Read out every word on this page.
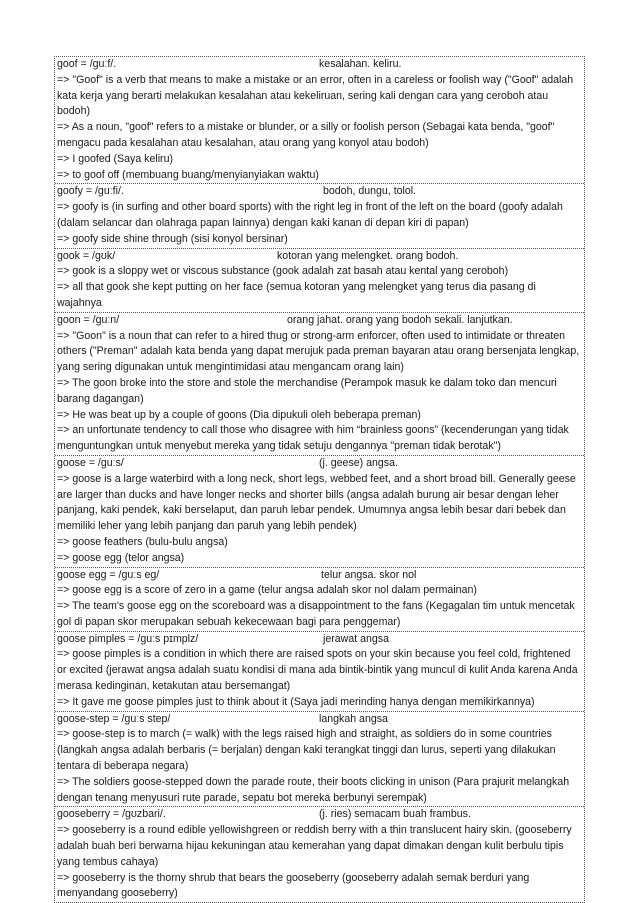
goof = /ɡuːf/.	kesalahan. keliru.
=> "Goof" is a verb that means to make a mistake or an error, often in a careless or foolish way ("Goof" adalah kata kerja yang berarti melakukan kesalahan atau kekeliruan, sering kali dengan cara yang ceroboh atau bodoh)
=> As a noun, "goof" refers to a mistake or blunder, or a silly or foolish person (Sebagai kata benda, "goof" mengacu pada kesalahan atau kesalahan, atau orang yang konyol atau bodoh)
=> I goofed (Saya keliru)
=> to goof off (membuang buang/menyianyiakan waktu)
goofy = /ɡuːfi/.	bodoh, dungu, tolol.
=> goofy is (in surfing and other board sports) with the right leg in front of the left on the board (goofy adalah (dalam selancar dan olahraga papan lainnya) dengan kaki kanan di depan kiri di papan)
=> goofy side shine through (sisi konyol bersinar)
gook = /ɡʊk/	kotoran yang melengket. orang bodoh.
=> gook is a sloppy wet or viscous substance (gook adalah zat basah atau kental yang ceroboh)
=> all that gook she kept putting on her face (semua kotoran yang melengket yang terus dia pasang di wajahnya
goon = /ɡuːn/	orang jahat. orang yang bodoh sekali. lanjutkan.
=> "Goon" is a noun that can refer to a hired thug or strong-arm enforcer, often used to intimidate or threaten others ("Preman" adalah kata benda yang dapat merujuk pada preman bayaran atau orang bersenjata lengkap, yang sering digunakan untuk mengintimidasi atau mengancam orang lain)
=> The goon broke into the store and stole the merchandise (Perampok masuk ke dalam toko dan mencuri barang dagangan)
=> He was beat up by a couple of goons (Dia dipukuli oleh beberapa preman)
=> an unfortunate tendency to call those who disagree with him “brainless goons” (kecenderungan yang tidak menguntungkan untuk menyebut mereka yang tidak setuju dengannya "preman tidak berotak")
goose = /ɡuːs/	(j. geese) angsa.
=> goose is a large waterbird with a long neck, short legs, webbed feet, and a short broad bill. Generally geese are larger than ducks and have longer necks and shorter bills (angsa adalah burung air besar dengan leher panjang, kaki pendek, kaki berselaput, dan paruh lebar pendek. Umumnya angsa lebih besar dari bebek dan memiliki leher yang lebih panjang dan paruh yang lebih pendek)
=> goose feathers (bulu-bulu angsa)
=> goose egg (telor angsa)
goose egg = /ɡuːs eɡ/	telur angsa. skor nol
=> goose egg is a score of zero in a game (telur angsa adalah skor nol dalam permainan)
=> The team's goose egg on the scoreboard was a disappointment to the fans (Kegagalan tim untuk mencetak gol di papan skor merupakan sebuah kekecewaan bagi para penggemar)
goose pimples = /ɡuːs pɪmplz/	jerawat angsa
=> goose pimples is a condition in which there are raised spots on your skin because you feel cold, frightened or excited (jerawat angsa adalah suatu kondisi di mana ada bintik-bintik yang muncul di kulit Anda karena Anda merasa kedinginan, ketakutan atau bersemangat)
=> It gave me goose pimples just to think about it (Saya jadi merinding hanya dengan memikirkannya)
goose-step = /ɡuːs step/	langkah angsa
=> goose-step is to march (= walk) with the legs raised high and straight, as soldiers do in some countries (langkah angsa adalah berbaris (= berjalan) dengan kaki terangkat tinggi dan lurus, seperti yang dilakukan tentara di beberapa negara)
=> The soldiers goose-stepped down the parade route, their boots clicking in unison (Para prajurit melangkah dengan tenang menyusuri rute parade, sepatu bot mereka berbunyi serempak)
gooseberry = /ɡʊzbari/.	(j. ries) semacam buah frambus.
=> gooseberry is a round edible yellowishgreen or reddish berry with a thin translucent hairy skin. (gooseberry adalah buah beri berwarna hijau kekuningan atau kemerahan yang dapat dimakan dengan kulit berbulu tipis yang tembus cahaya)
=> gooseberry is the thorny shrub that bears the gooseberry (gooseberry adalah semak berduri yang menyandang gooseberry)
